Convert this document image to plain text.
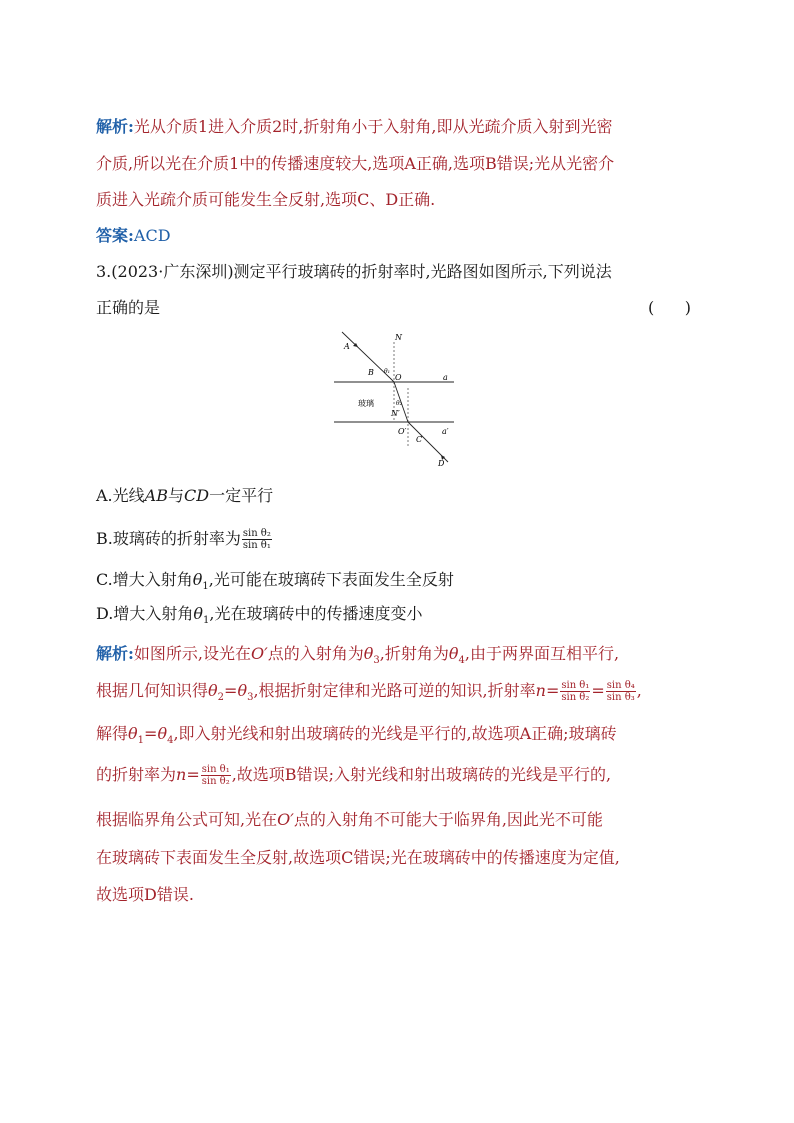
解析:光从介质1进入介质2时,折射角小于入射角,即从光疏介质入射到光密
介质,所以光在介质1中的传播速度较大,选项A正确,选项B错误;光从光密介
质进入光疏介质可能发生全反射,选项C、D正确.
答案:ACD
3.(2023·广东深圳)测定平行玻璃砖的折射率时,光路图如图所示,下列说法
正确的是	(      )
A
B
N
O	a
玻璃
θ₁
θ₂
N′
O′
C
a′
D
A.光线AB与CD一定平行
B.玻璃砖的折射率为 $\frac{\text{sin θ₂}}{\text{sin θ₁}}$
C.增大入射角$\theta_1$,光可能在玻璃砖下表面发生全反射
D.增大入射角$\theta_1$,光在玻璃砖中的传播速度变小
解析:如图所示,设光在O′点的入射角为$\theta_3$,折射角为$\theta_4$,由于两界面互相平行,
根据几何知识得$\theta_2=\theta_3$,根据折射定律和光路可逆的知识,折射率$n= \frac{\text{sin θ₁}}{\text{sin θ₂}} = \frac{\text{sin θ₄}}{\text{sin θ₃}}$ ,
解得$\theta_1=\theta_4$,即入射光线和射出玻璃砖的光线是平行的,故选项A正确;玻璃砖
的折射率为$n= \frac{\text{sin θ₁}}{\text{sin θ₂}}$ ,故选项B错误;入射光线和射出玻璃砖的光线是平行的,
根据临界角公式可知,光在O′点的入射角不可能大于临界角,因此光不可能
在玻璃砖下表面发生全反射,故选项C错误;光在玻璃砖中的传播速度为定值,
故选项D错误.
